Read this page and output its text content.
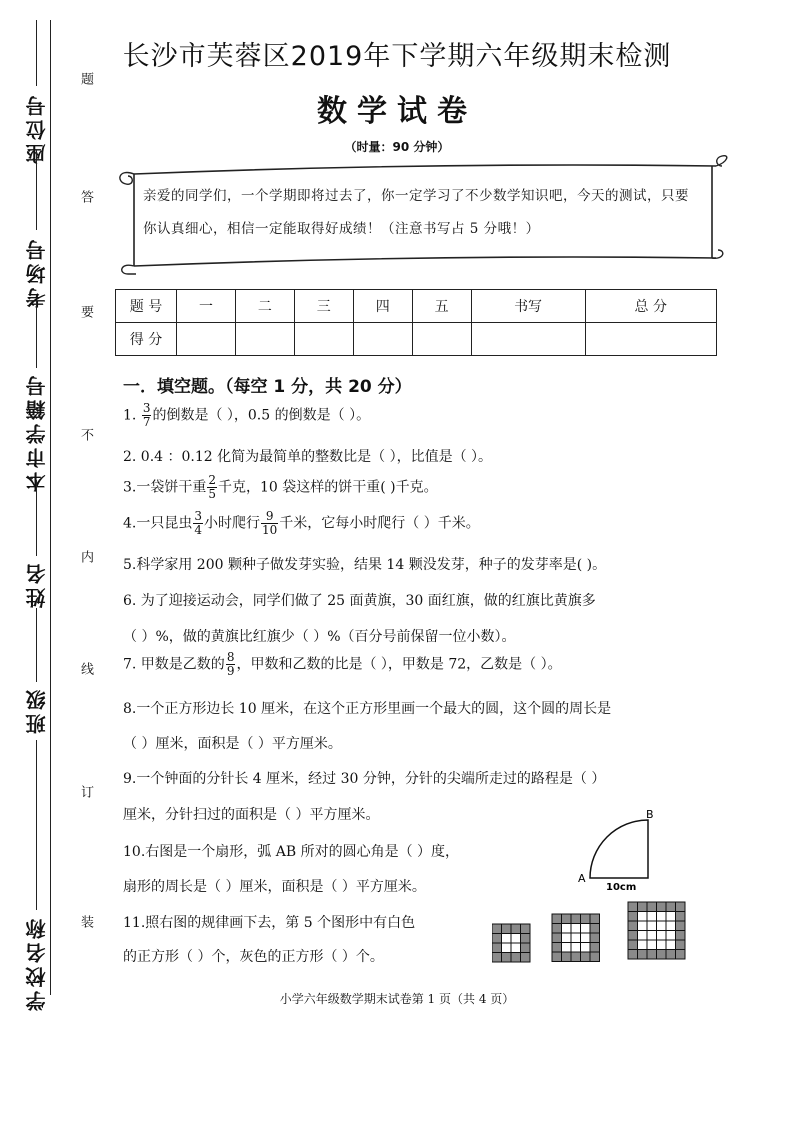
座位号
考场号
本市学籍号
姓名
班级
学校名称
题
答
要
不
内
线
订
装
长沙市芙蓉区2019年下学期六年级期末检测
数学试卷
（时量：90 分钟）
亲爱的同学们，一个学期即将过去了，你一定学习了不少数学知识吧，今天的测试，只要
你认真细心，相信一定能取得好成绩！（注意书写占 5 分哦！）
题 号	一	二	三	四	五	书写	总 分
得 分							
一．填空题。（每空 1 分，共 20 分）
1. $\frac{3}{7}$ 的倒数是（ ），0.5 的倒数是（ ）。
2. 0.4 ：0.12 化简为最简单的整数比是（ ），比值是（ ）。
3.一袋饼干重 $\frac{2}{5}$ 千克，10 袋这样的饼干重( )千克。
4.一只昆虫 $\frac{3}{4}$ 小时爬行 $\frac{9}{10}$ 千米，它每小时爬行（ ）千米。
5.科学家用 200 颗种子做发芽实验，结果 14 颗没发芽，种子的发芽率是( )。
6. 为了迎接运动会，同学们做了 25 面黄旗，30 面红旗，做的红旗比黄旗多
（ ）%，做的黄旗比红旗少（ ）%（百分号前保留一位小数）。
7. 甲数是乙数的 $\frac{8}{9}$ ，甲数和乙数的比是（ ），甲数是 72，乙数是（ ）。
8.一个正方形边长 10 厘米，在这个正方形里画一个最大的圆，这个圆的周长是
（ ）厘米，面积是（ ）平方厘米。
9.一个钟面的分针长 4 厘米，经过 30 分钟，分针的尖端所走过的路程是（ ）
厘米，分针扫过的面积是（ ）平方厘米。
10.右图是一个扇形，弧 AB 所对的圆心角是（ ）度，
扇形的周长是（ ）厘米，面积是（ ）平方厘米。
11.照右图的规律画下去，第 5 个图形中有白色
的正方形（ ）个，灰色的正方形（ ）个。
B
A
10cm
小学六年级数学期末试卷第 1 页（共 4 页）
